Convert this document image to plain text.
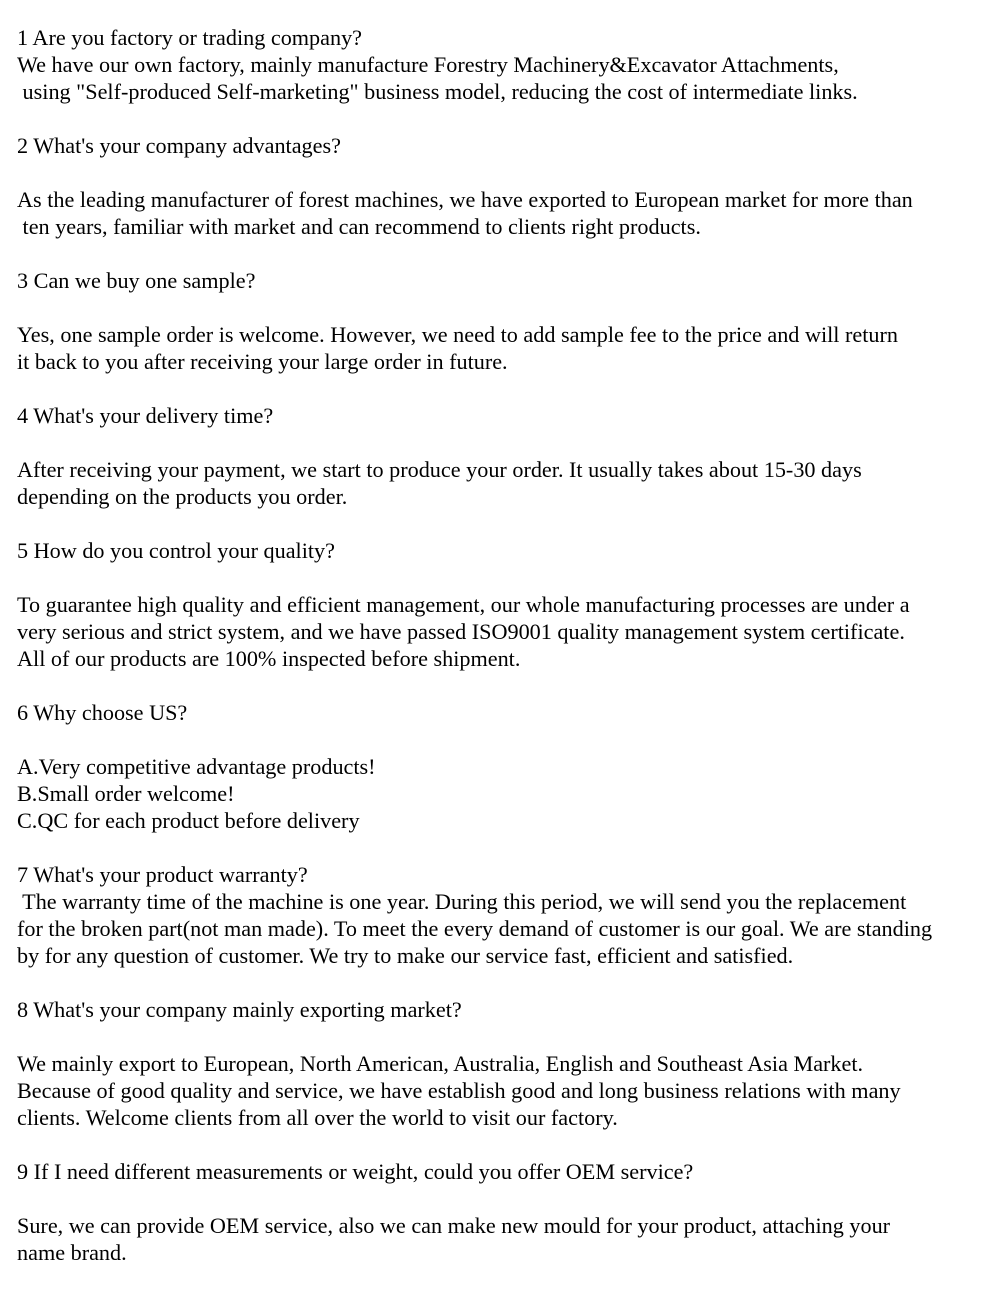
1 Are you factory or trading company?
We have our own factory, mainly manufacture Forestry Machinery&Excavator Attachments,
using "Self-produced Self-marketing" business model, reducing the cost of intermediate links.
2 What's your company advantages?
As the leading manufacturer of forest machines, we have exported to European market for more than
ten years, familiar with market and can recommend to clients right products.
3 Can we buy one sample?
Yes, one sample order is welcome. However, we need to add sample fee to the price and will return
it back to you after receiving your large order in future.
4 What's your delivery time?
After receiving your payment, we start to produce your order. It usually takes about 15-30 days
depending on the products you order.
5 How do you control your quality?
To guarantee high quality and efficient management, our whole manufacturing processes are under a
very serious and strict system, and we have passed ISO9001 quality management system certificate.
All of our products are 100% inspected before shipment.
6 Why choose US?
A.Very competitive advantage products!
B.Small order welcome!
C.QC for each product before delivery
7 What's your product warranty?
The warranty time of the machine is one year. During this period, we will send you the replacement
for the broken part(not man made). To meet the every demand of customer is our goal. We are standing
by for any question of customer. We try to make our service fast, efficient and satisfied.
8 What's your company mainly exporting market?
We mainly export to European, North American, Australia, English and Southeast Asia Market.
Because of good quality and service, we have establish good and long business relations with many
clients. Welcome clients from all over the world to visit our factory.
9 If I need different measurements or weight, could you offer OEM service?
Sure, we can provide OEM service, also we can make new mould for your product, attaching your
name brand.
